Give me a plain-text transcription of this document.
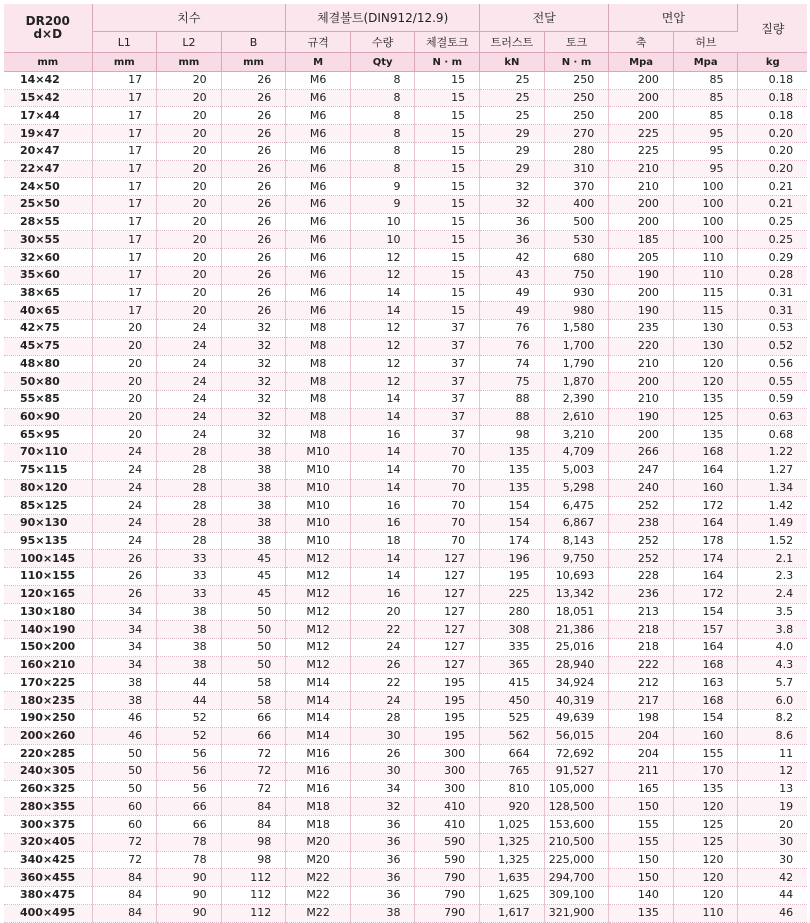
DR200
d×D	치수			체결볼트(DIN912/12.9)			전달		면압		질량
	L1	L2	B	규격	수량	체결토크	트러스트	토크	축	허브	
mm	mm	mm	mm	M	Qty	N · m	kN	N · m	Mpa	Mpa	kg
14×42	17	20	26	M6	8	15	25	250	200	85	0.18
15×42	17	20	26	M6	8	15	25	250	200	85	0.18
17×44	17	20	26	M6	8	15	25	250	200	85	0.18
19×47	17	20	26	M6	8	15	29	270	225	95	0.20
20×47	17	20	26	M6	8	15	29	280	225	95	0.20
22×47	17	20	26	M6	8	15	29	310	210	95	0.20
24×50	17	20	26	M6	9	15	32	370	210	100	0.21
25×50	17	20	26	M6	9	15	32	400	200	100	0.21
28×55	17	20	26	M6	10	15	36	500	200	100	0.25
30×55	17	20	26	M6	10	15	36	530	185	100	0.25
32×60	17	20	26	M6	12	15	42	680	205	110	0.29
35×60	17	20	26	M6	12	15	43	750	190	110	0.28
38×65	17	20	26	M6	14	15	49	930	200	115	0.31
40×65	17	20	26	M6	14	15	49	980	190	115	0.31
42×75	20	24	32	M8	12	37	76	1,580	235	130	0.53
45×75	20	24	32	M8	12	37	76	1,700	220	130	0.52
48×80	20	24	32	M8	12	37	74	1,790	210	120	0.56
50×80	20	24	32	M8	12	37	75	1,870	200	120	0.55
55×85	20	24	32	M8	14	37	88	2,390	210	135	0.59
60×90	20	24	32	M8	14	37	88	2,610	190	125	0.63
65×95	20	24	32	M8	16	37	98	3,210	200	135	0.68
70×110	24	28	38	M10	14	70	135	4,709	266	168	1.22
75×115	24	28	38	M10	14	70	135	5,003	247	164	1.27
80×120	24	28	38	M10	14	70	135	5,298	240	160	1.34
85×125	24	28	38	M10	16	70	154	6,475	252	172	1.42
90×130	24	28	38	M10	16	70	154	6,867	238	164	1.49
95×135	24	28	38	M10	18	70	174	8,143	252	178	1.52
100×145	26	33	45	M12	14	127	196	9,750	252	174	2.1
110×155	26	33	45	M12	14	127	195	10,693	228	164	2.3
120×165	26	33	45	M12	16	127	225	13,342	236	172	2.4
130×180	34	38	50	M12	20	127	280	18,051	213	154	3.5
140×190	34	38	50	M12	22	127	308	21,386	218	157	3.8
150×200	34	38	50	M12	24	127	335	25,016	218	164	4.0
160×210	34	38	50	M12	26	127	365	28,940	222	168	4.3
170×225	38	44	58	M14	22	195	415	34,924	212	163	5.7
180×235	38	44	58	M14	24	195	450	40,319	217	168	6.0
190×250	46	52	66	M14	28	195	525	49,639	198	154	8.2
200×260	46	52	66	M14	30	195	562	56,015	204	160	8.6
220×285	50	56	72	M16	26	300	664	72,692	204	155	11
240×305	50	56	72	M16	30	300	765	91,527	211	170	12
260×325	50	56	72	M16	34	300	810	105,000	165	135	13
280×355	60	66	84	M18	32	410	920	128,500	150	120	19
300×375	60	66	84	M18	36	410	1,025	153,600	155	125	20
320×405	72	78	98	M20	36	590	1,325	210,500	155	125	30
340×425	72	78	98	M20	36	590	1,325	225,000	150	120	30
360×455	84	90	112	M22	36	790	1,635	294,700	150	120	42
380×475	84	90	112	M22	36	790	1,625	309,100	140	120	44
400×495	84	90	112	M22	38	790	1,617	321,900	135	110	46
